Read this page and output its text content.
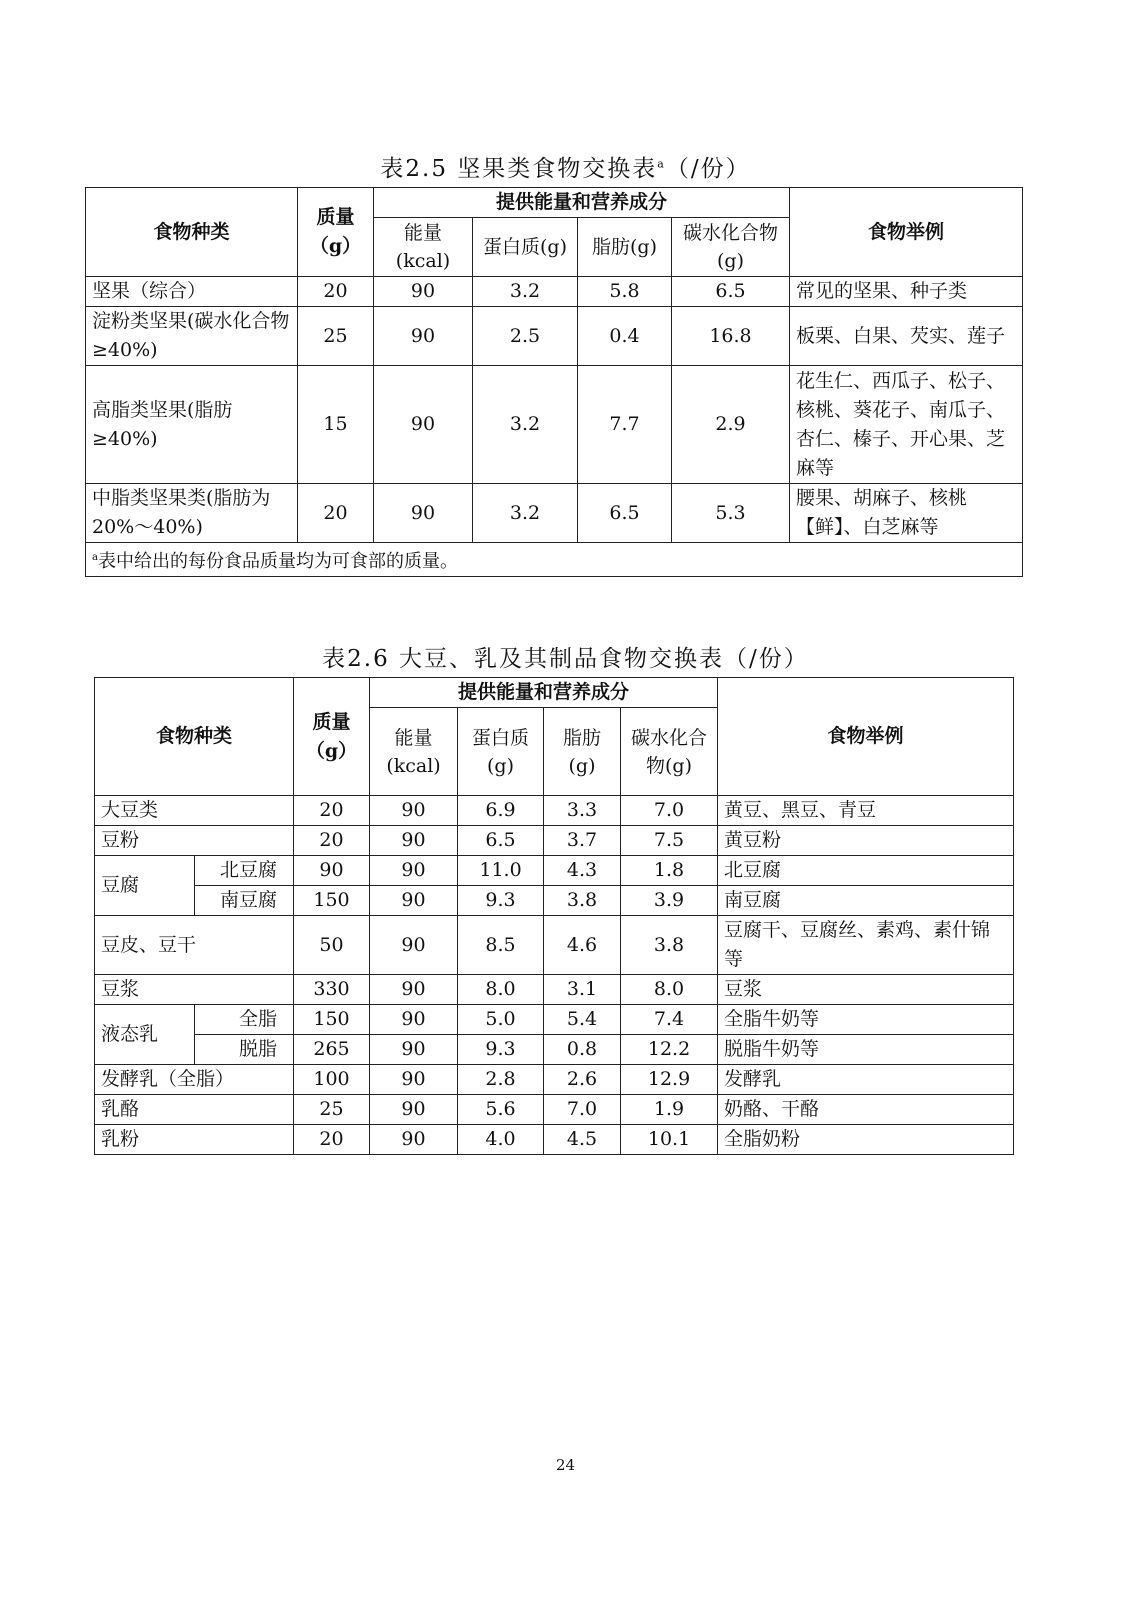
表2.5 坚果类食物交换表$^a$（/份）
食物种类	质量（g）	提供能量和营养成分				食物举例
		能量(kcal)	蛋白质(g)	脂肪(g)	碳水化合物(g)	
坚果（综合）	20	90	3.2	5.8	6.5	常见的坚果、种子类
淀粉类坚果(碳水化合物≥40%)	25	90	2.5	0.4	16.8	板栗、白果、芡实、莲子
高脂类坚果(脂肪≥40%)	15	90	3.2	7.7	2.9	花生仁、西瓜子、松子、核桃、葵花子、南瓜子、杏仁、榛子、开心果、芝麻等
中脂类坚果类(脂肪为 20%～40%)	20	90	3.2	6.5	5.3	腰果、胡麻子、核桃【鲜】、白芝麻等
$^a$表中给出的每份食品质量均为可食部的质量。						
表2.6 大豆、乳及其制品食物交换表（/份）
食物种类		质量（g）	提供能量和营养成分				食物举例
			能量(kcal)	蛋白质(g)	脂肪(g)	碳水化合物(g)	
大豆类		20	90	6.9	3.3	7.0	黄豆、黑豆、青豆
豆粉		20	90	6.5	3.7	7.5	黄豆粉
豆腐	北豆腐	90	90	11.0	4.3	1.8	北豆腐
	南豆腐	150	90	9.3	3.8	3.9	南豆腐
豆皮、豆干		50	90	8.5	4.6	3.8	豆腐干、豆腐丝、素鸡、素什锦等
豆浆		330	90	8.0	3.1	8.0	豆浆
液态乳	全脂	150	90	5.0	5.4	7.4	全脂牛奶等
	脱脂	265	90	9.3	0.8	12.2	脱脂牛奶等
发酵乳（全脂）		100	90	2.8	2.6	12.9	发酵乳
乳酪		25	90	5.6	7.0	1.9	奶酪、干酪
乳粉		20	90	4.0	4.5	10.1	全脂奶粉
24
